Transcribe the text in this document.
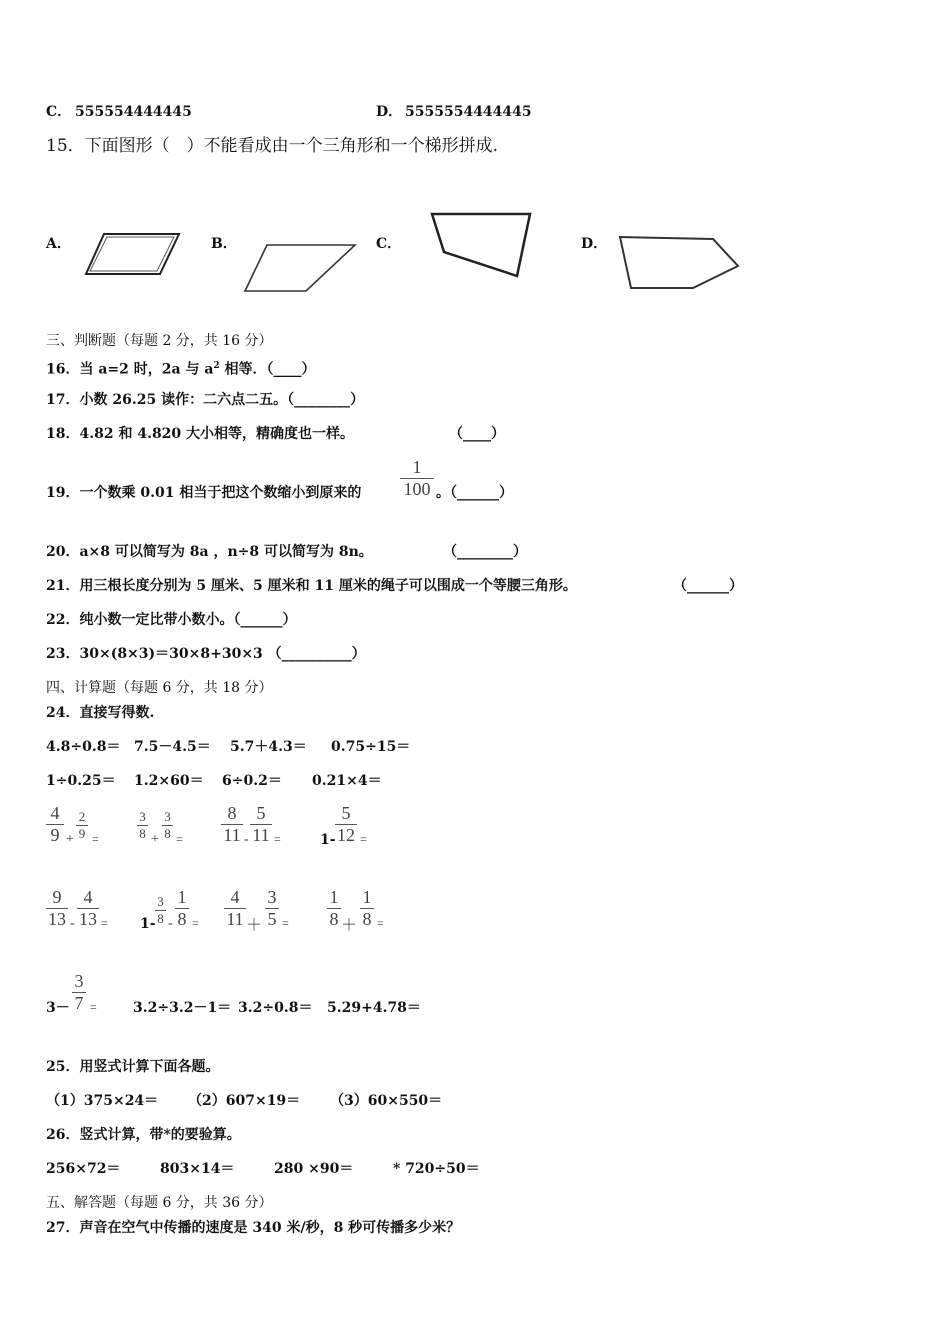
C． 555554444445	D． 5555554444445
15．下面图形（　）不能看成由一个三角形和一个梯形拼成.
A．	B．	C．	D．
三、判断题（每题 2 分，共 16 分）
16．当 a=2 时，2a 与 $a^2$ 相等．（____）
17．小数 26.25 读作：二六点二五。（________）
18．4.82 和 4.820 大小相等，精确度也一样。	（____）
19．一个数乘 0.01 相当于把这个数缩小到原来的
1
100 。（______）
20．a×8 可以简写为 8a ，n÷8 可以简写为 8n。	（________）
21．用三根长度分别为 5 厘米、5 厘米和 11 厘米的绳子可以围成一个等腰三角形。	（______）
22．纯小数一定比带小数小。（______）
23．30×(8×3)＝30×8+30×3 （__________）
四、计算题（每题 6 分，共 18 分）
24．直接写得数.
4.8÷0.8＝ 7.5－4.5＝ 5.7＋4.3＝ 0.75÷15＝
1÷0.25＝ 1.2×60＝ 6÷0.2＝ 0.21×4＝
4
9 +
2
9 =
3
8 +
3
8 =
8
11 -
5
11 =	1-
5
12 =
9
13 -
4
13 = 1-
3
8 -
1
8 =
4
11 ＋
3
5 =
1
8 ＋
1
8 =
3－
3
7 =	3.2÷3.2－1＝ 3.2÷0.8＝ 5.29+4.78＝
25．用竖式计算下面各题。
（1）375×24＝ （2）607×19＝ （3）60×550＝
26．竖式计算，带*的要验算。
256×72＝	803×14＝	280 ×90＝	* 720÷50＝
五、解答题（每题 6 分，共 36 分）
27．声音在空气中传播的速度是 340 米/秒，8 秒可传播多少米？
